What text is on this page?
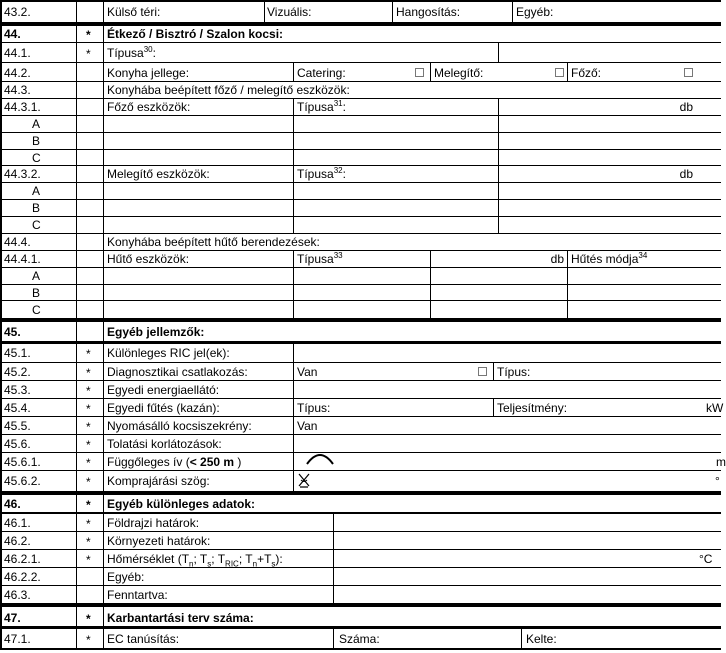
43.2.	Külső téri:	Vizuális:	Hangosítás:	Egyéb:
44.	* Étkező / Bisztró / Szalon kocsi:
44.1.	* Típusa$^{30}$:
44.2.	Konyha jellege:	Catering:	Melegítő:	Főző:
44.3.	Konyhába beépített főző / melegítő eszközök:
44.3.1.	Főző eszközök:	Típusa$^{31}$:	db
A
B
C
44.3.2.	Melegítő eszközök:	Típusa$^{32}$:	db
A
B
C
44.4.	Konyhába beépített hűtő berendezések:
44.4.1.	Hűtő eszközök:	Típusa$^{33}$	db Hűtés módja$^{34}$
A
B
C
45.	Egyéb jellemzők:
45.1.	* Különleges RIC jel(ek):
45.2.	* Diagnosztikai csatlakozás:	Van	Típus:
45.3.	* Egyedi energiaellátó:
45.4.	* Egyedi fűtés (kazán):	Típus:	Teljesítmény:	kW
45.5.	* Nyomásálló kocsiszekrény:	Van
45.6.	* Tolatási korlátozások:
45.6.1.	* Függőleges ív (< 250 m )	m
45.6.2.	* Komprajárási szög:	°
46.	* Egyéb különleges adatok:
46.1.	* Földrajzi határok:
46.2.	* Környezeti határok:
46.2.1.	* Hőmérséklet ($T_n$; $T_s$; $T_{RIC}$; $T_n+T_s$):	°C
46.2.2.	Egyéb:
46.3.	Fenntartva:
47.	* Karbantartási terv száma:
47.1.	* EC tanúsítás:	Száma:	Kelte:
